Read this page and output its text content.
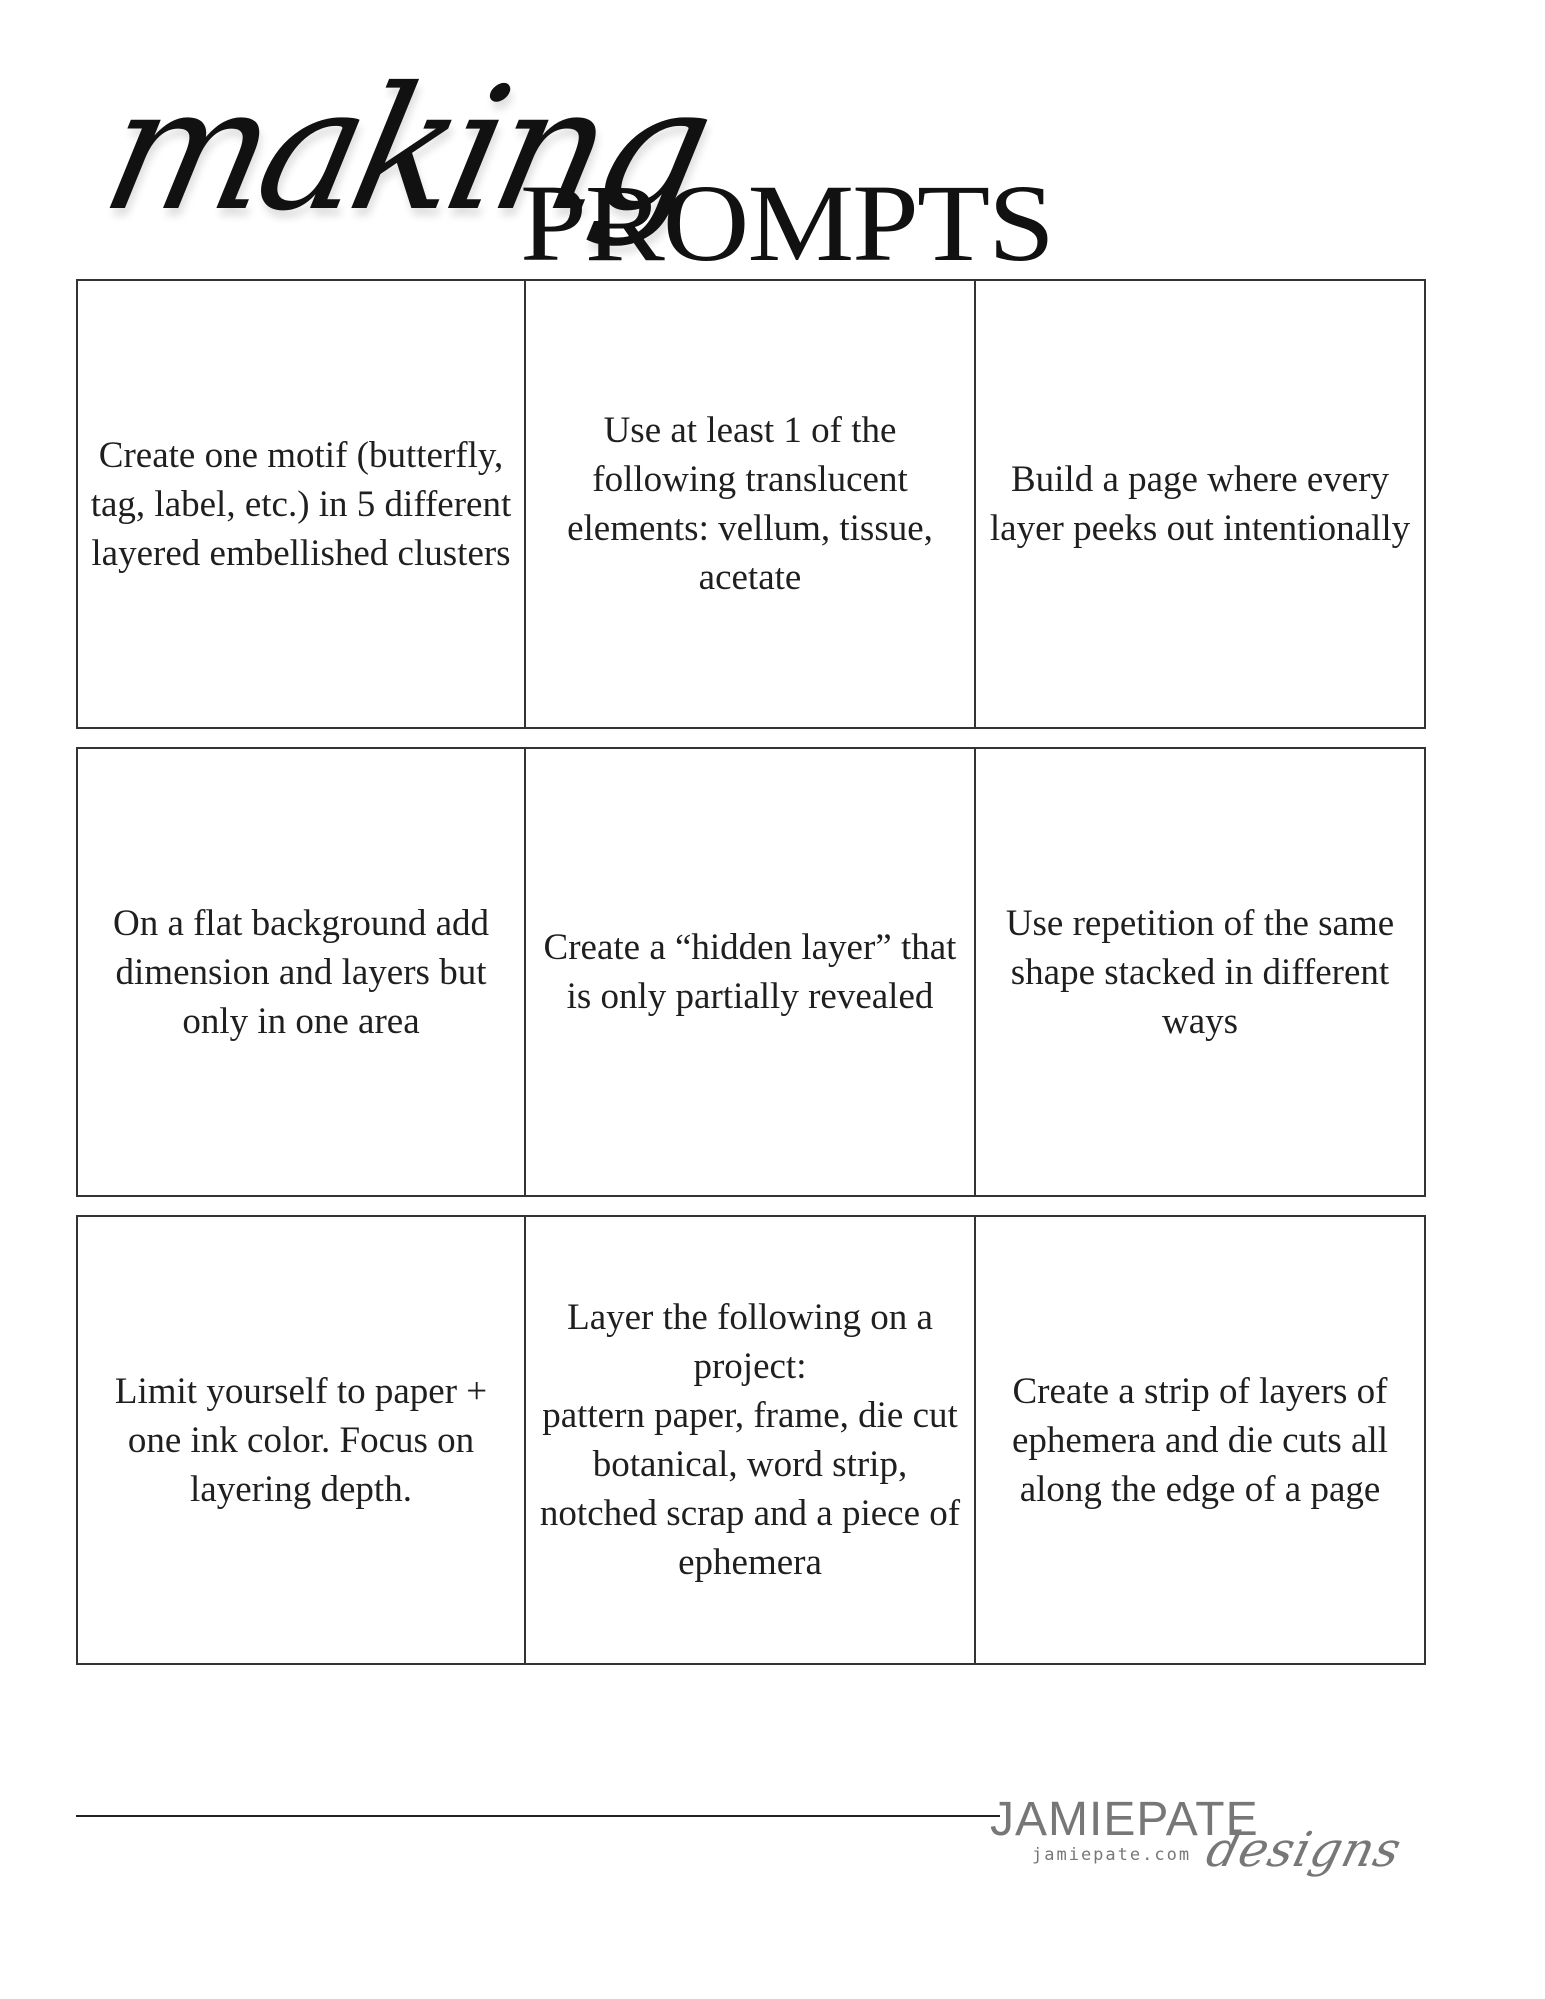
making
PROMPTS
Create one motif (butterfly, tag, label, etc.) in 5 different layered embellished clusters
Use at least 1 of the following translucent elements: vellum, tissue, acetate
Build a page where every layer peeks out intentionally
On a flat background add dimension and layers but only in one area
Create a “hidden layer” that is only partially revealed
Use repetition of the same shape stacked in different ways
Limit yourself to paper + one ink color. Focus on layering depth.
Layer the following on a project:
pattern paper, frame, die cut botanical, word strip, notched scrap and a piece of ephemera
Create a strip of layers of ephemera and die cuts all along the edge of a page
JAMIEPATE
jamiepate.com designs
